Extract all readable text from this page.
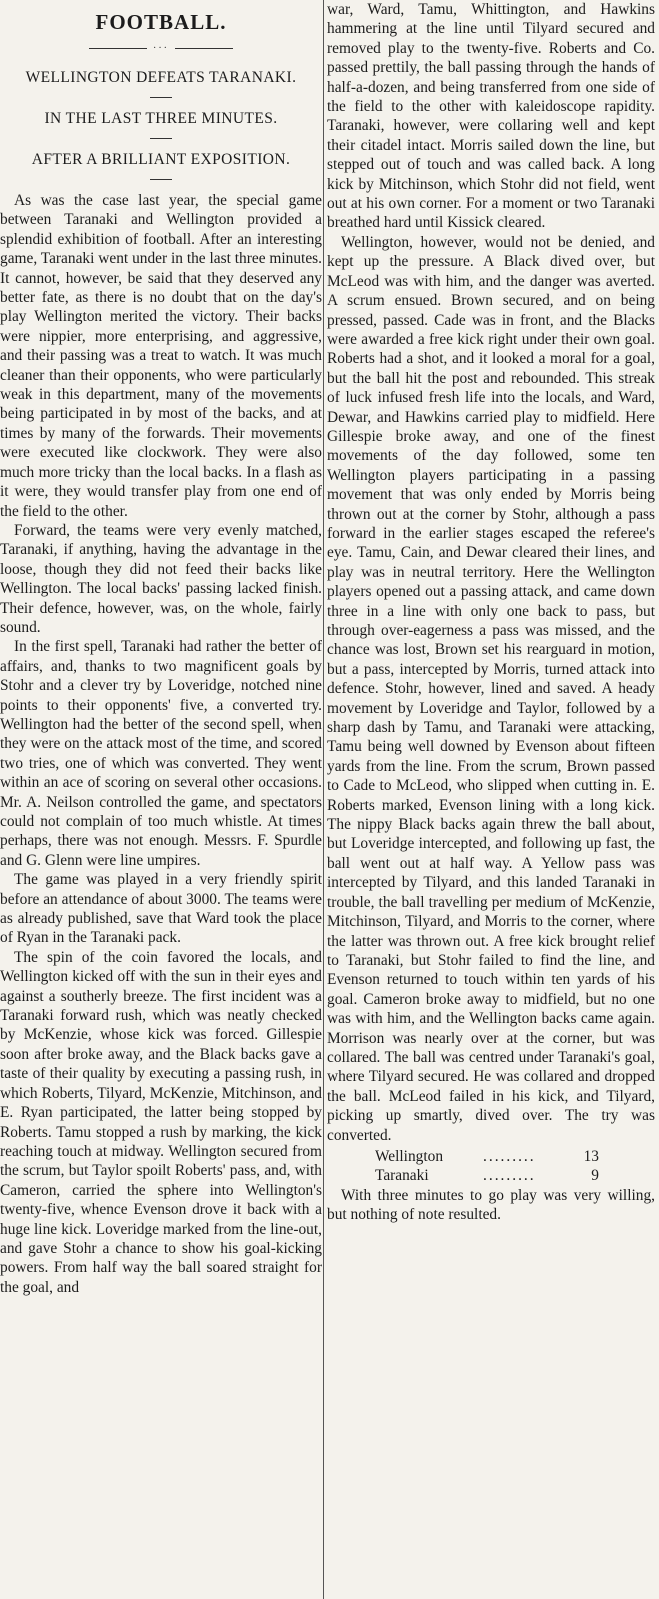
FOOTBALL.
···
WELLINGTON DEFEATS TARANAKI.
IN THE LAST THREE MINUTES.
AFTER A BRILLIANT EXPOSITION.

As was the case last year, the special game between Taranaki and Wellington provided a splendid exhibition of football. After an interesting game, Taranaki went under in the last three minutes. It cannot, however, be said that they deserved any better fate, as there is no doubt that on the day's play Wellington merited the victory. Their backs were nippier, more enterprising, and aggressive, and their passing was a treat to watch. It was much cleaner than their opponents, who were particularly weak in this department, many of the movements being participated in by most of the backs, and at times by many of the forwards. Their movements were executed like clockwork. They were also much more tricky than the local backs. In a flash as it were, they would transfer play from one end of the field to the other.

Forward, the teams were very evenly matched, Taranaki, if anything, having the advantage in the loose, though they did not feed their backs like Wellington. The local backs' passing lacked finish. Their defence, however, was, on the whole, fairly sound.

In the first spell, Taranaki had rather the better of affairs, and, thanks to two magnificent goals by Stohr and a clever try by Loveridge, notched nine points to their opponents' five, a converted try. Wellington had the better of the second spell, when they were on the attack most of the time, and scored two tries, one of which was converted. They went within an ace of scoring on several other occasions. Mr. A. Neilson controlled the game, and spectators could not complain of too much whistle. At times perhaps, there was not enough. Messrs. F. Spurdle and G. Glenn were line umpires.

The game was played in a very friendly spirit before an attendance of about 3000. The teams were as already published, save that Ward took the place of Ryan in the Taranaki pack.

The spin of the coin favored the locals, and Wellington kicked off with the sun in their eyes and against a southerly breeze. The first incident was a Taranaki forward rush, which was neatly checked by McKenzie, whose kick was forced. Gillespie soon after broke away, and the Black backs gave a taste of their quality by executing a passing rush, in which Roberts, Tilyard, McKenzie, Mitchinson, and E. Ryan participated, the latter being stopped by Roberts. Tamu stopped a rush by marking, the kick reaching touch at midway. Wellington secured from the scrum, but Taylor spoilt Roberts' pass, and, with Cameron, carried the sphere into Wellington's twenty-five, whence Evenson drove it back with a huge line kick. Loveridge marked from the line-out, and gave Stohr a chance to show his goal-kicking powers. From half way the ball soared straight for the goal, and

war, Ward, Tamu, Whittington, and Hawkins hammering at the line until Tilyard secured and removed play to the twenty-five. Roberts and Co. passed prettily, the ball passing through the hands of half-a-dozen, and being transferred from one side of the field to the other with kaleidoscope rapidity. Taranaki, however, were collaring well and kept their citadel intact. Morris sailed down the line, but stepped out of touch and was called back. A long kick by Mitchinson, which Stohr did not field, went out at his own corner. For a moment or two Taranaki breathed hard until Kissick cleared.

Wellington, however, would not be denied, and kept up the pressure. A Black dived over, but McLeod was with him, and the danger was averted. A scrum ensued. Brown secured, and on being pressed, passed. Cade was in front, and the Blacks were awarded a free kick right under their own goal. Roberts had a shot, and it looked a moral for a goal, but the ball hit the post and rebounded. This streak of luck infused fresh life into the locals, and Ward, Dewar, and Hawkins carried play to midfield. Here Gillespie broke away, and one of the finest movements of the day followed, some ten Wellington players participating in a passing movement that was only ended by Morris being thrown out at the corner by Stohr, although a pass forward in the earlier stages escaped the referee's eye. Tamu, Cain, and Dewar cleared their lines, and play was in neutral territory. Here the Wellington players opened out a passing attack, and came down three in a line with only one back to pass, but through over-eagerness a pass was missed, and the chance was lost, Brown set his rearguard in motion, but a pass, intercepted by Morris, turned attack into defence. Stohr, however, lined and saved. A heady movement by Loveridge and Taylor, followed by a sharp dash by Tamu, and Taranaki were attacking, Tamu being well downed by Evenson about fifteen yards from the line. From the scrum, Brown passed to Cade to McLeod, who slipped when cutting in. E. Roberts marked, Evenson lining with a long kick. The nippy Black backs again threw the ball about, but Loveridge intercepted, and following up fast, the ball went out at half way. A Yellow pass was intercepted by Tilyard, and this landed Taranaki in trouble, the ball travelling per medium of McKenzie, Mitchinson, Tilyard, and Morris to the corner, where the latter was thrown out. A free kick brought relief to Taranaki, but Stohr failed to find the line, and Evenson returned to touch within ten yards of his goal. Cameron broke away to midfield, but no one was with him, and the Wellington backs came again. Morrison was nearly over at the corner, but was collared. The ball was centred under Taranaki's goal, where Tilyard secured. He was collared and dropped the ball. McLeod failed in his kick, and Tilyard, picking up smartly, dived over. The try was converted.

Wellington	.........	13
Taranaki	.........	9

With three minutes to go play was very willing, but nothing of note resulted.
